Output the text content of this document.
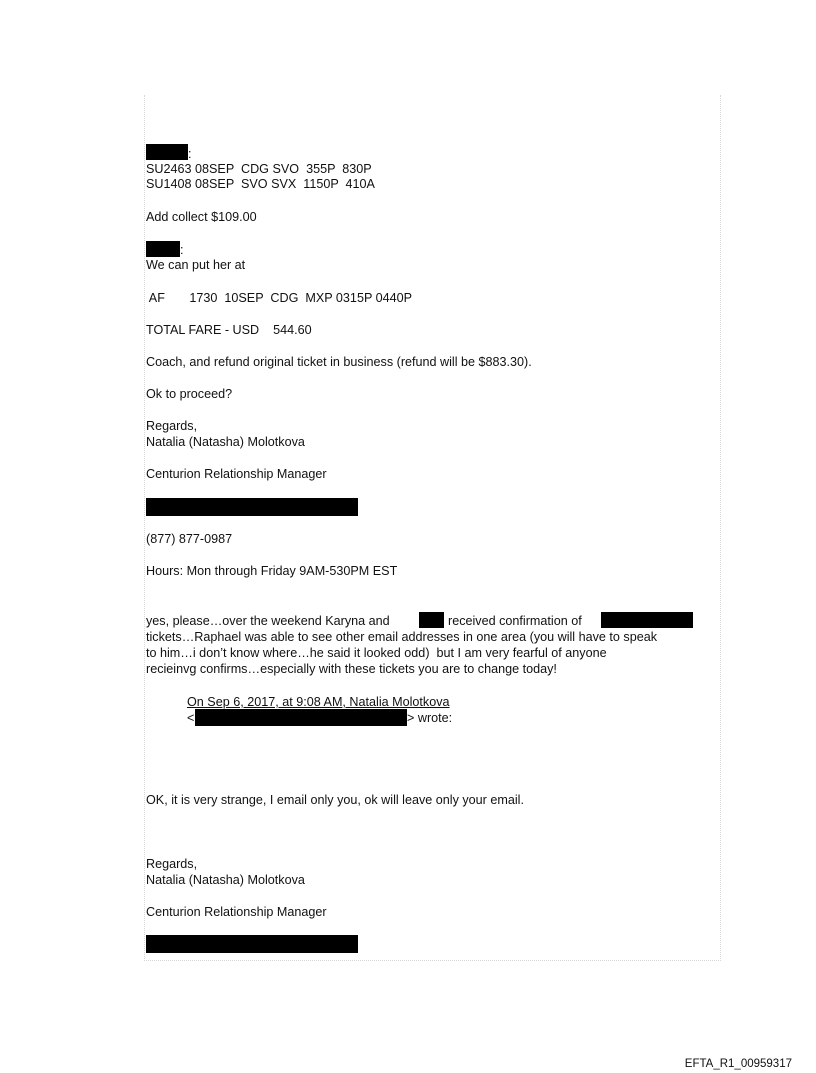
:
SU2463 08SEP  CDG SVO  355P  830P
SU1408 08SEP  SVO SVX  1150P  410A
Add collect $109.00
:
We can put her at
AF       1730  10SEP  CDG  MXP 0315P 0440P
TOTAL FARE - USD    544.60
Coach, and refund original ticket in business (refund will be $883.30).
Ok to proceed?
Regards,
Natalia (Natasha) Molotkova
Centurion Relationship Manager
(877) 877-0987
Hours: Mon through Friday 9AM-530PM EST
yes, please…over the weekend Karyna and	received confirmation of
tickets…Raphael was able to see other email addresses in one area (you will have to speak
to him…i don’t know where…he said it looked odd)  but I am very fearful of anyone
recieinvg confirms…especially with these tickets you are to change today!
On Sep 6, 2017, at 9:08 AM, Natalia Molotkova
<	> wrote:
OK, it is very strange, I email only you, ok will leave only your email.
Regards,
Natalia (Natasha) Molotkova
Centurion Relationship Manager
EFTA_R1_00959317
